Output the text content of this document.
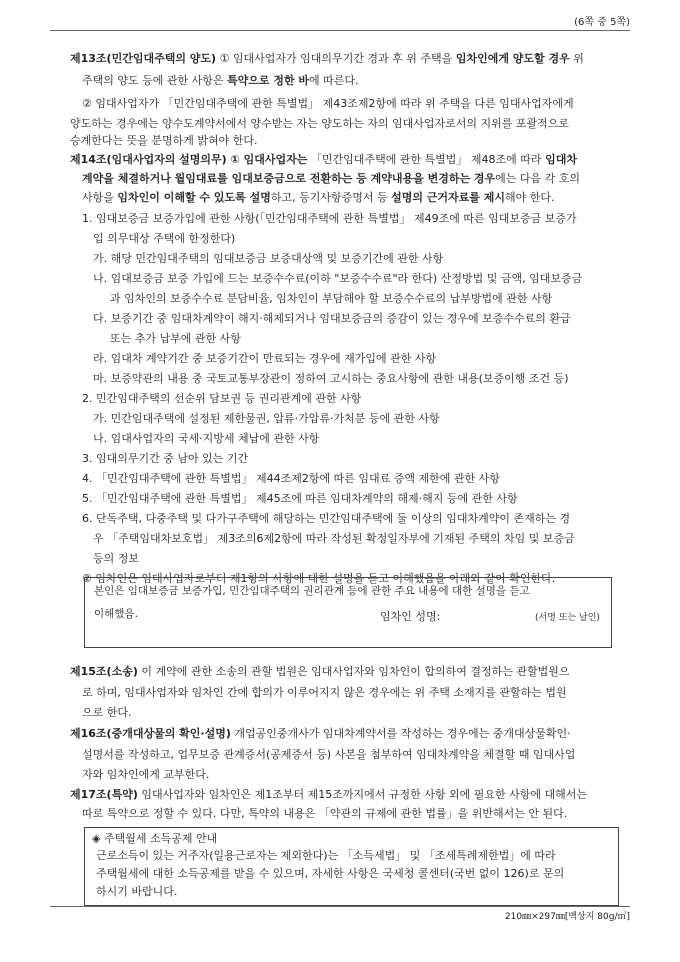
(6쪽 중 5쪽)
제13조(민간임대주택의 양도) ① 임대사업자가 임대의무기간 경과 후 위 주택을 임차인에게 양도할 경우 위
주택의 양도 등에 관한 사항은 특약으로 정한 바에 따른다.
② 임대사업자가 「민간임대주택에 관한 특별법」 제43조제2항에 따라 위 주택을 다른 임대사업자에게
양도하는 경우에는 양수도계약서에서 양수받는 자는 양도하는 자의 임대사업자로서의 지위를 포괄적으로
승계한다는 뜻을 분명하게 밝혀야 한다.
제14조(임대사업자의 설명의무) ① 임대사업자는 「민간임대주택에 관한 특별법」 제48조에 따라 임대차
계약을 체결하거나 월임대료를 임대보증금으로 전환하는 등 계약내용을 변경하는 경우에는 다음 각 호의
사항을 임차인이 이해할 수 있도록 설명하고, 등기사항증명서 등 설명의 근거자료를 제시해야 한다.
1. 임대보증금 보증가입에 관한 사항(「민간임대주택에 관한 특별법」 제49조에 따른 임대보증금 보증가
입 의무대상 주택에 한정한다)
가. 해당 민간임대주택의 임대보증금 보증대상액 및 보증기간에 관한 사항
나. 임대보증금 보증 가입에 드는 보증수수료(이하 "보증수수료"라 한다) 산정방법 및 금액, 임대보증금
과 임차인의 보증수수료 분담비율, 임차인이 부담해야 할 보증수수료의 납부방법에 관한 사항
다. 보증기간 중 임대차계약이 해지·해제되거나 임대보증금의 증감이 있는 경우에 보증수수료의 환급
또는 추가 납부에 관한 사항
라. 임대차 계약기간 중 보증기간이 만료되는 경우에 재가입에 관한 사항
마. 보증약관의 내용 중 국토교통부장관이 정하여 고시하는 중요사항에 관한 내용(보증이행 조건 등)
2. 민간임대주택의 선순위 담보권 등 권리관계에 관한 사항
가. 민간임대주택에 설정된 제한물권, 압류·가압류·가처분 등에 관한 사항
나. 임대사업자의 국세·지방세 체납에 관한 사항
3. 임대의무기간 중 남아 있는 기간
4. 「민간임대주택에 관한 특별법」 제44조제2항에 따른 임대료 증액 제한에 관한 사항
5. 「민간임대주택에 관한 특별법」 제45조에 따른 임대차계약의 해제·해지 등에 관한 사항
6. 단독주택, 다중주택 및 다가구주택에 해당하는 민간임대주택에 둘 이상의 임대차계약이 존재하는 경
우 「주택임대차보호법」 제3조의6제2항에 따라 작성된 확정일자부에 기재된 주택의 차임 및 보증금
등의 정보
② 임차인은 임대사업자로부터 제1항의 사항에 대한 설명을 듣고 이해했음을 아래와 같이 확인한다.
본인은 임대보증금 보증가입, 민간임대주택의 권리관계 등에 관한 주요 내용에 대한 설명을 듣고
이해했음.	임차인 성명:	(서명 또는 날인)
제15조(소송) 이 계약에 관한 소송의 관할 법원은 임대사업자와 임차인이 합의하여 결정하는 관할법원으
로 하며, 임대사업자와 임차인 간에 합의가 이루어지지 않은 경우에는 위 주택 소재지를 관할하는 법원
으로 한다.
제16조(중개대상물의 확인·설명) 개업공인중개사가 임대차계약서를 작성하는 경우에는 중개대상물확인·
설명서를 작성하고, 업무보증 관계증서(공제증서 등) 사본을 첨부하여 임대차계약을 체결할 때 임대사업
자와 임차인에게 교부한다.
제17조(특약) 임대사업자와 임차인은 제1조부터 제15조까지에서 규정한 사항 외에 필요한 사항에 대해서는
따로 특약으로 정할 수 있다. 다만, 특약의 내용은 「약관의 규제에 관한 법률」을 위반해서는 안 된다.
◈ 주택월세 소득공제 안내
근로소득이 있는 거주자(일용근로자는 제외한다)는 「소득세법」 및 「조세특례제한법」에 따라
주택월세에 대한 소득공제를 받을 수 있으며, 자세한 사항은 국세청 콜센터(국번 없이 126)로 문의
하시기 바랍니다.
210㎜×297㎜[백상지 80g/㎡]
